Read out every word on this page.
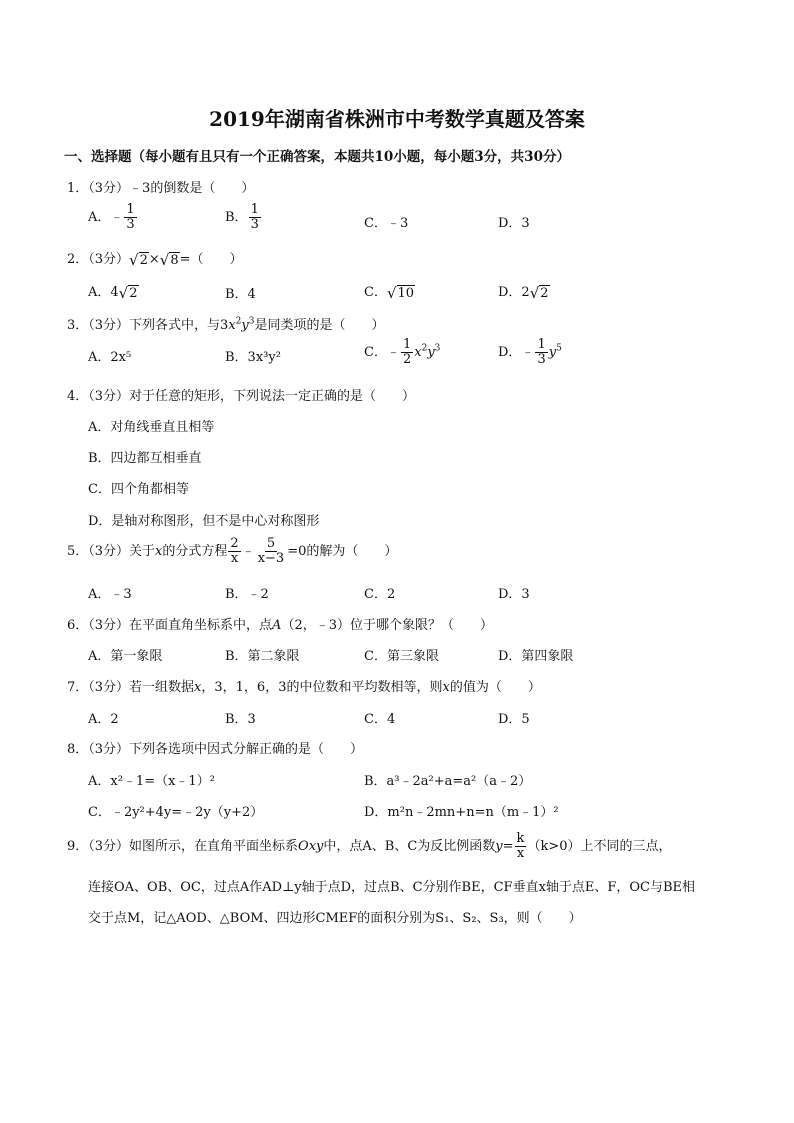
2019年湖南省株洲市中考数学真题及答案
一、选择题（每小题有且只有一个正确答案，本题共10小题，每小题3分，共30分）
1．（3分）﹣3的倒数是（　　）
A．﹣ $\frac{1}{3}$	B． $\frac{1}{3}$	C．﹣3	D．3
2．（3分） √ 2 × √ 8 =（　　）
A．4 √ 2	B．4	C． √ 10	D．2 √ 2
3．（3分）下列各式中，与$3x^2y^3$是同类项的是（　　）
A．2x⁵	B．3x³y²	C．﹣ $\frac{1}{2} x^2y^3$	D．﹣ $\frac{1}{3} y^5$
4．（3分）对于任意的矩形，下列说法一定正确的是（　　）
A．对角线垂直且相等
B．四边都互相垂直
C．四个角都相等
D．是轴对称图形，但不是中心对称图形
5．（3分）关于x的分式方程 $\frac{2}{x}$ ﹣ $\frac{5}{x-3} =0$的解为（　　）
A．﹣3	B．﹣2	C．2	D．3
6．（3分）在平面直角坐标系中，点A（2，﹣3）位于哪个象限？（　　）
A．第一象限	B．第二象限	C．第三象限	D．第四象限
7．（3分）若一组数据x，3，1，6，3的中位数和平均数相等，则x的值为（　　）
A．2	B．3	C．4	D．5
8．（3分）下列各选项中因式分解正确的是（　　）
A．x²﹣1=（x﹣1）²	B．a³﹣2a²+a=a²（a﹣2）
C．﹣2y²+4y=﹣2y（y+2）	D．m²n﹣2mn+n=n（m﹣1）²
9．（3分）如图所示，在直角平面坐标系Oxy中，点A、B、C为反比例函数$y= \frac{k}{x} (k>0)$上不同的三点，
连接OA、OB、OC，过点A作AD⊥y轴于点D，过点B、C分别作BE，CF垂直x轴于点E、F，OC与BE相
交于点M，记△AOD、△BOM、四边形CMEF的面积分别为S₁、S₂、S₃，则（　　）
